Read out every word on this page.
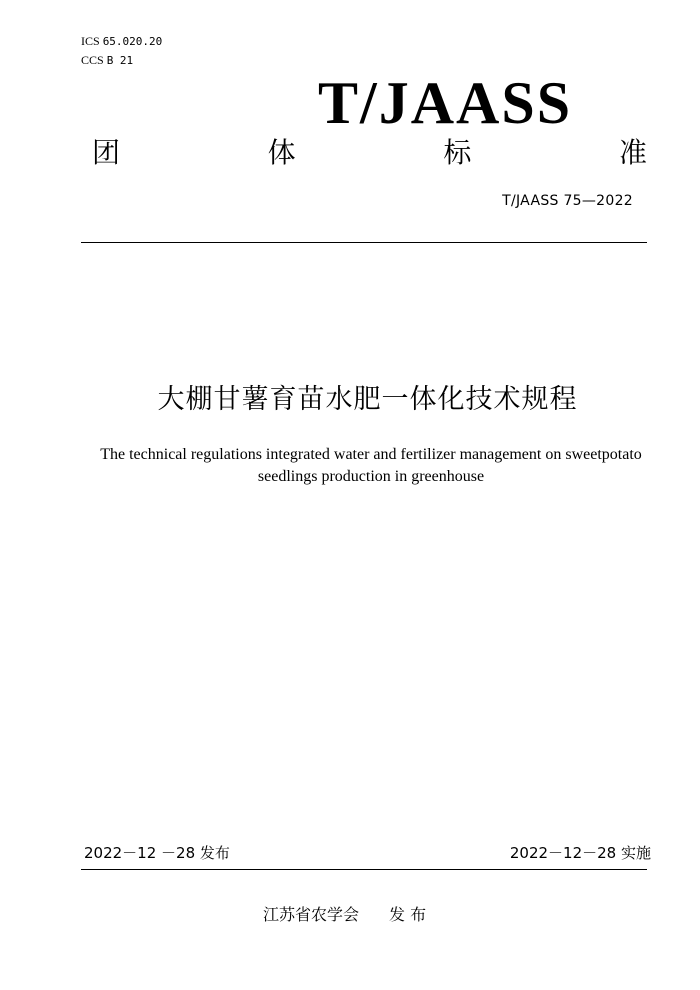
ICS 65.020.20
CCS B 21
T/JAASS
团	体	标	准
T/JAASS 75—2022
大棚甘薯育苗水肥一体化技术规程
The technical regulations integrated water and fertilizer management on sweetpotato seedlings production in greenhouse
2022－12 －28 发布	2022－12－28 实施
江苏省农学会 发 布
